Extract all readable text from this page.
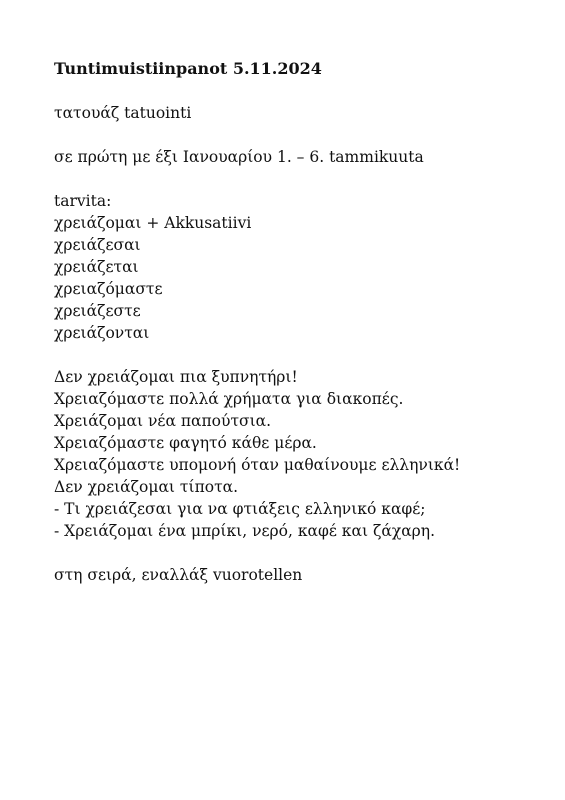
Tuntimuistiinpanot 5.11.2024

τατουάζ tatuointi

σε πρώτη με έξι Ιανουαρίου 1. – 6. tammikuuta

tarvita:

χρειάζομαι + Akkusatiivi

χρειάζεσαι

χρειάζεται

χρειαζόμαστε

χρειάζεστε

χρειάζονται

Δεν χρειάζομαι πια ξυπνητήρι!

Χρειαζόμαστε πολλά χρήματα για διακοπές.

Χρειάζομαι νέα παπούτσια.

Χρειαζόμαστε φαγητό κάθε μέρα.

Χρειαζόμαστε υπομονή όταν μαθαίνουμε ελληνικά!

Δεν χρειάζομαι τίποτα.

- Τι χρειάζεσαι για να φτιάξεις ελληνικό καφέ;

- Χρειάζομαι ένα μπρίκι, νερό, καφέ και ζάχαρη.

στη σειρά, εναλλάξ vuorotellen
